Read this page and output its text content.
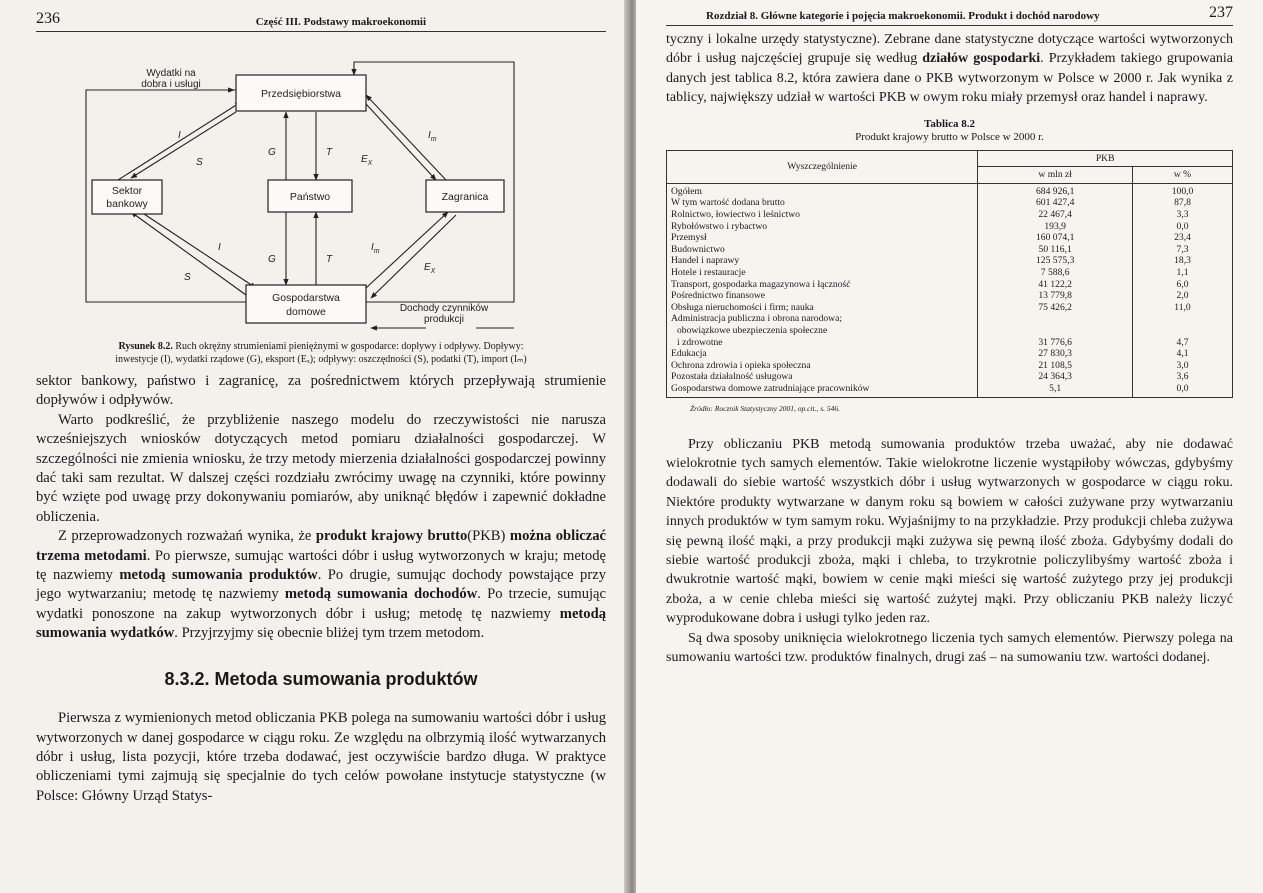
236	Część III. Podstawy makroekonomii
Przedsiębiorstwa
Sektor
bankowy
Państwo	Zagranica
Gospodarstwa
domowe
Wydatki na
dobra i usługi
Dochody czynników
produkcji
I
S
G	T
$E_X$
$I_m$
I
S
G	T
$I_m$
$E_X$
Rysunek 8.2. Ruch okrężny strumieniami pieniężnymi w gospodarce: dopływy i odpływy. Dopływy: inwestycje (I), wydatki rządowe (G), eksport (Eₓ); odpływy: oszczędności (S), podatki (T), import (Iₘ)

sektor bankowy, państwo i zagranicę, za pośrednictwem których przepływają strumienie dopływów i odpływów.

Warto podkreślić, że przybliżenie naszego modelu do rzeczywistości nie narusza wcześniejszych wniosków dotyczących metod pomiaru działalności gospodarczej. W szczególności nie zmienia wniosku, że trzy metody mierzenia działalności gospodarczej powinny dać taki sam rezultat. W dalszej części rozdziału zwrócimy uwagę na czynniki, które powinny być wzięte pod uwagę przy dokonywaniu pomiarów, aby uniknąć błędów i zapewnić dokładne obliczenia.

Z przeprowadzonych rozważań wynika, że produkt krajowy brutto(PKB) można obliczać trzema metodami. Po pierwsze, sumując wartości dóbr i usług wytworzonych w kraju; metodę tę nazwiemy metodą sumowania produktów. Po drugie, sumując dochody powstające przy jego wytwarzaniu; metodę tę nazwiemy metodą sumowania dochodów. Po trzecie, sumując wydatki ponoszone na zakup wytworzonych dóbr i usług; metodę tę nazwiemy metodą sumowania wydatków. Przyjrzyjmy się obecnie bliżej tym trzem metodom.

8.3.2. Metoda sumowania produktów

Pierwsza z wymienionych metod obliczania PKB polega na sumowaniu wartości dóbr i usług wytworzonych w danej gospodarce w ciągu roku. Ze względu na olbrzymią ilość wytwarzanych dóbr i usług, lista pozycji, które trzeba dodawać, jest oczywiście bardzo długa. W praktyce obliczeniami tymi zajmują się specjalnie do tych celów powołane instytucje statystyczne (w Polsce: Główny Urząd Statys-

Rozdział 8. Główne kategorie i pojęcia makroekonomii. Produkt i dochód narodowy	237

tyczny i lokalne urzędy statystyczne). Zebrane dane statystyczne dotyczące wartości wytworzonych dóbr i usług najczęściej grupuje się według działów gospodarki. Przykładem takiego grupowania danych jest tablica 8.2, która zawiera dane o PKB wytworzonym w Polsce w 2000 r. Jak wynika z tablicy, największy udział w wartości PKB w owym roku miały przemysł oraz handel i naprawy.

Tablica 8.2
Produkt krajowy brutto w Polsce w 2000 r.
Wyszczególnienie	PKB	
	w mln zł	w %
Ogółem	684 926,1	100,0
W tym wartość dodana brutto	601 427,4	87,8
Rolnictwo, łowiectwo i leśnictwo	22 467,4	3,3
Rybołówstwo i rybactwo	193,9	0,0
Przemysł	160 074,1	23,4
Budownictwo	50 116,1	7,3
Handel i naprawy	125 575,3	18,3
Hotele i restauracje	7 588,6	1,1
Transport, gospodarka magazynowa i łączność	41 122,2	6,0
Pośrednictwo finansowe	13 779,8	2,0
Obsługa nieruchomości i firm; nauka	75 426,2	11,0
Administracja publiczna i obrona narodowa;		
obowiązkowe ubezpieczenia społeczne		
i zdrowotne	31 776,6	4,7
Edukacja	27 830,3	4,1
Ochrona zdrowia i opieka społeczna	21 108,5	3,0
Pozostała działalność usługowa	24 364,3	3,6
Gospodarstwa domowe zatrudniające pracowników	5,1	0,0
Źródło: Rocznik Statystyczny 2001, op.cit., s. 546.

Przy obliczaniu PKB metodą sumowania produktów trzeba uważać, aby nie dodawać wielokrotnie tych samych elementów. Takie wielokrotne liczenie wystąpiłoby wówczas, gdybyśmy dodawali do siebie wartość wszystkich dóbr i usług wytwarzonych w gospodarce w ciągu roku. Niektóre produkty wytwarzane w danym roku są bowiem w całości zużywane przy wytwarzaniu innych produktów w tym samym roku. Wyjaśnijmy to na przykładzie. Przy produkcji chleba zużywa się pewną ilość mąki, a przy produkcji mąki zużywa się pewną ilość zboża. Gdybyśmy dodali do siebie wartość produkcji zboża, mąki i chleba, to trzykrotnie policzylibyśmy wartość zboża i dwukrotnie wartość mąki, bowiem w cenie mąki mieści się wartość zużytego przy jej produkcji zboża, a w cenie chleba mieści się wartość zużytej mąki. Przy obliczaniu PKB należy liczyć wyprodukowane dobra i usługi tylko jeden raz.

Są dwa sposoby uniknięcia wielokrotnego liczenia tych samych elementów. Pierwszy polega na sumowaniu wartości tzw. produktów finalnych, drugi zaś – na sumowaniu tzw. wartości dodanej.
